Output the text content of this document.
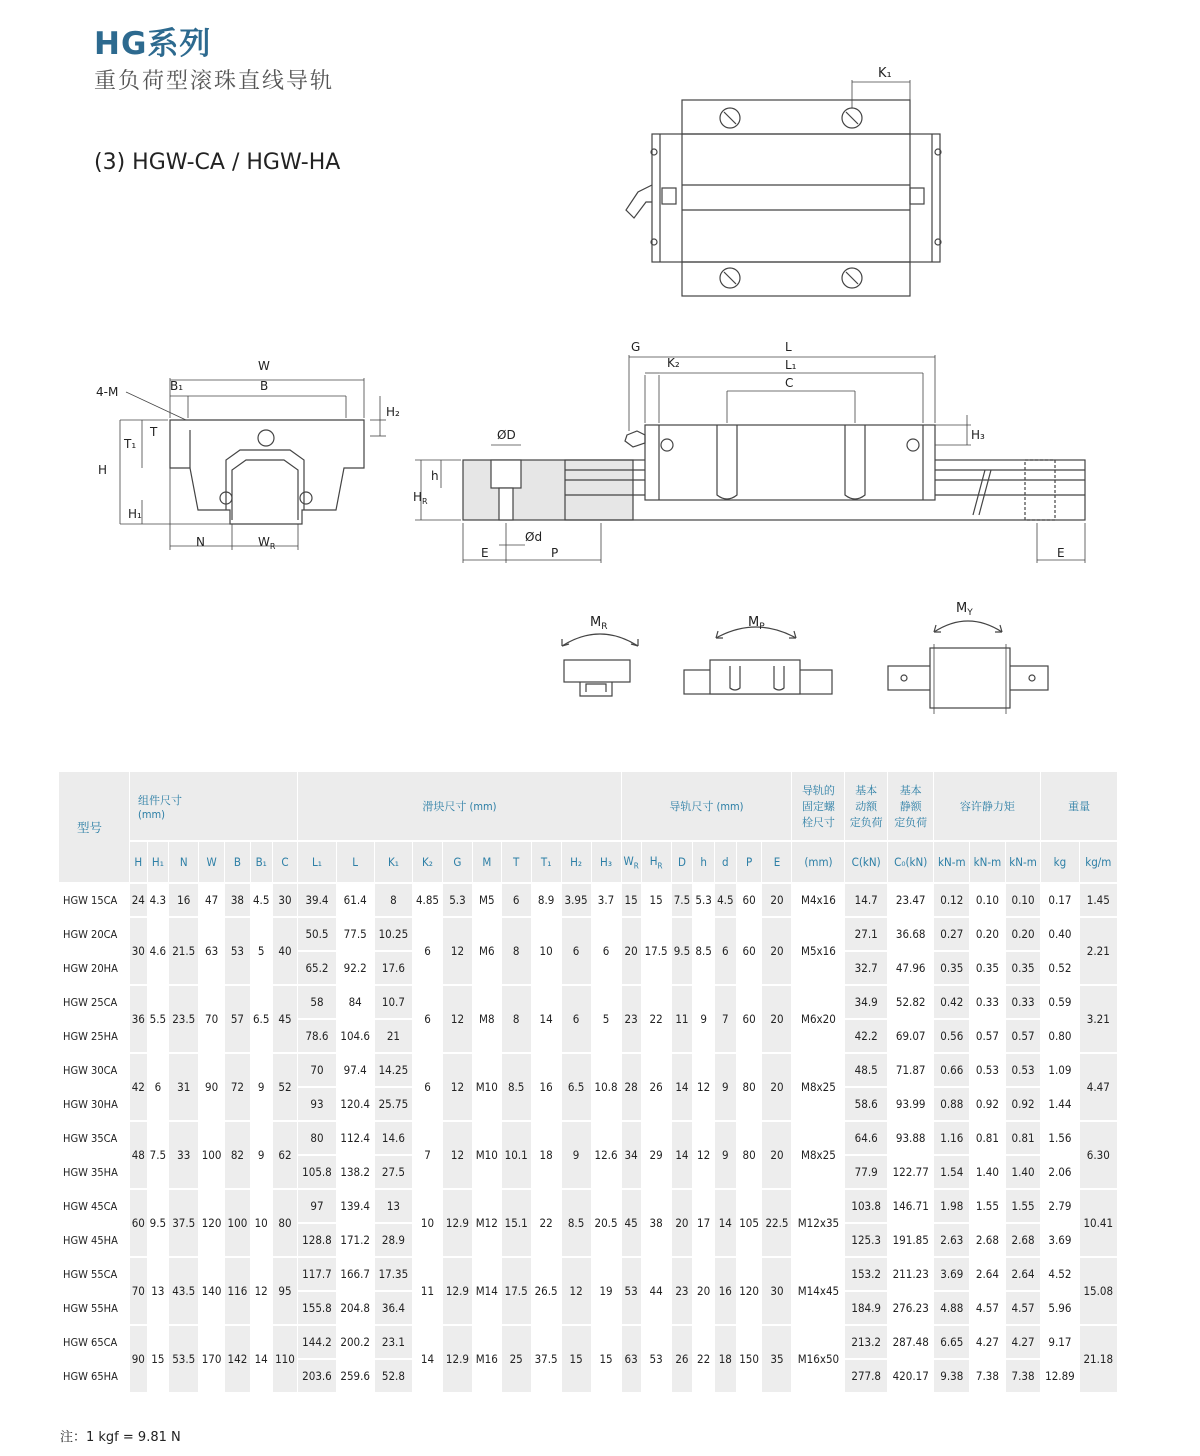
HG系列
重负荷型滚珠直线导轨
(3) HGW-CA / HGW-HA
K₁
W
B
B₁
4-M
H₂
T
T₁
H
H₁
N	$W_R$
G	L
L₁
K₂
C
H₃
ØD
$H_R$
h
Ød
E	P	E
$M_R$	$M_P$
$M_Y$
型号	组件尺寸
(mm)							滑块尺寸 (mm)										导轨尺寸 (mm)							导轨的
固定螺
栓尺寸	基本
动额
定负荷	基本
静额
定负荷	容许静力矩			重量	
	H	H₁	N	W	B	B₁	C	L₁	L	K₁	K₂	G	M	T	T₁	H₂	H₃	$W_R$	$H_R$	D	h	d	P	E	(mm)	C(kN)	C₀(kN)	kN-m	kN-m	kN-m	kg	kg/m
HGW 15CA	24	4.3	16	47	38	4.5	30	39.4	61.4	8	4.85	5.3	M5	6	8.9	3.95	3.7	15	15	7.5	5.3	4.5	60	20	M4x16	14.7	23.47	0.12	0.10	0.10	0.17	1.45
HGW 20CA	30	4.6	21.5	63	53	5	40	50.5	77.5	10.25	6	12	M6	8	10	6	6	20	17.5	9.5	8.5	6	60	20	M5x16	27.1	36.68	0.27	0.20	0.20	0.40	2.21
HGW 20HA								65.2	92.2	17.6																32.7	47.96	0.35	0.35	0.35	0.52	
HGW 25CA	36	5.5	23.5	70	57	6.5	45	58	84	10.7	6	12	M8	8	14	6	5	23	22	11	9	7	60	20	M6x20	34.9	52.82	0.42	0.33	0.33	0.59	3.21
HGW 25HA								78.6	104.6	21																42.2	69.07	0.56	0.57	0.57	0.80	
HGW 30CA	42	6	31	90	72	9	52	70	97.4	14.25	6	12	M10	8.5	16	6.5	10.8	28	26	14	12	9	80	20	M8x25	48.5	71.87	0.66	0.53	0.53	1.09	4.47
HGW 30HA								93	120.4	25.75																58.6	93.99	0.88	0.92	0.92	1.44	
HGW 35CA	48	7.5	33	100	82	9	62	80	112.4	14.6	7	12	M10	10.1	18	9	12.6	34	29	14	12	9	80	20	M8x25	64.6	93.88	1.16	0.81	0.81	1.56	6.30
HGW 35HA								105.8	138.2	27.5																77.9	122.77	1.54	1.40	1.40	2.06	
HGW 45CA	60	9.5	37.5	120	100	10	80	97	139.4	13	10	12.9	M12	15.1	22	8.5	20.5	45	38	20	17	14	105	22.5	M12x35	103.8	146.71	1.98	1.55	1.55	2.79	10.41
HGW 45HA								128.8	171.2	28.9																125.3	191.85	2.63	2.68	2.68	3.69	
HGW 55CA	70	13	43.5	140	116	12	95	117.7	166.7	17.35	11	12.9	M14	17.5	26.5	12	19	53	44	23	20	16	120	30	M14x45	153.2	211.23	3.69	2.64	2.64	4.52	15.08
HGW 55HA								155.8	204.8	36.4																184.9	276.23	4.88	4.57	4.57	5.96	
HGW 65CA	90	15	53.5	170	142	14	110	144.2	200.2	23.1	14	12.9	M16	25	37.5	15	15	63	53	26	22	18	150	35	M16x50	213.2	287.48	6.65	4.27	4.27	9.17	21.18
HGW 65HA								203.6	259.6	52.8																277.8	420.17	9.38	7.38	7.38	12.89	
注：1 kgf = 9.81 N
